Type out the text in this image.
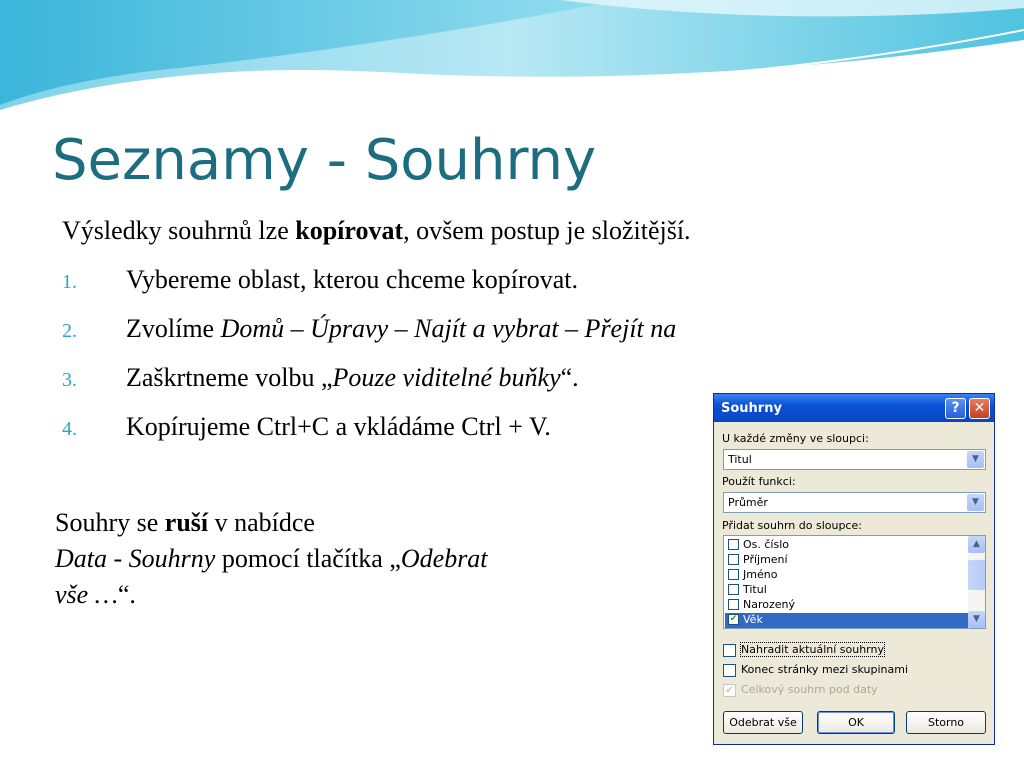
Seznamy - Souhrny
Výsledky souhrnů lze kopírovat, ovšem postup je složitější.
1. Vybereme oblast, kterou chceme kopírovat.
2. Zvolíme Domů – Úpravy – Najít a vybrat – Přejít na
3. Zaškrtneme volbu „Pouze viditelné buňky“.
4. Kopírujeme Ctrl+C a vkládáme Ctrl + V.
Souhry se ruší v nabídce
Data - Souhrny pomocí tlačítka „Odebrat
vše …“.
Souhrny	?	✕
U každé změny ve sloupci:
Titul	▼
Použít funkci:
Průměr	▼
Přidat souhrn do sloupce:
Os. číslo
Příjmení
Jméno
Titul
Narozený
✔ Věk
▲
▼
Nahradit aktuální souhrny
Konec stránky mezi skupinami
✔ Celkový souhrn pod daty
Odebrat vše	OK	Storno
